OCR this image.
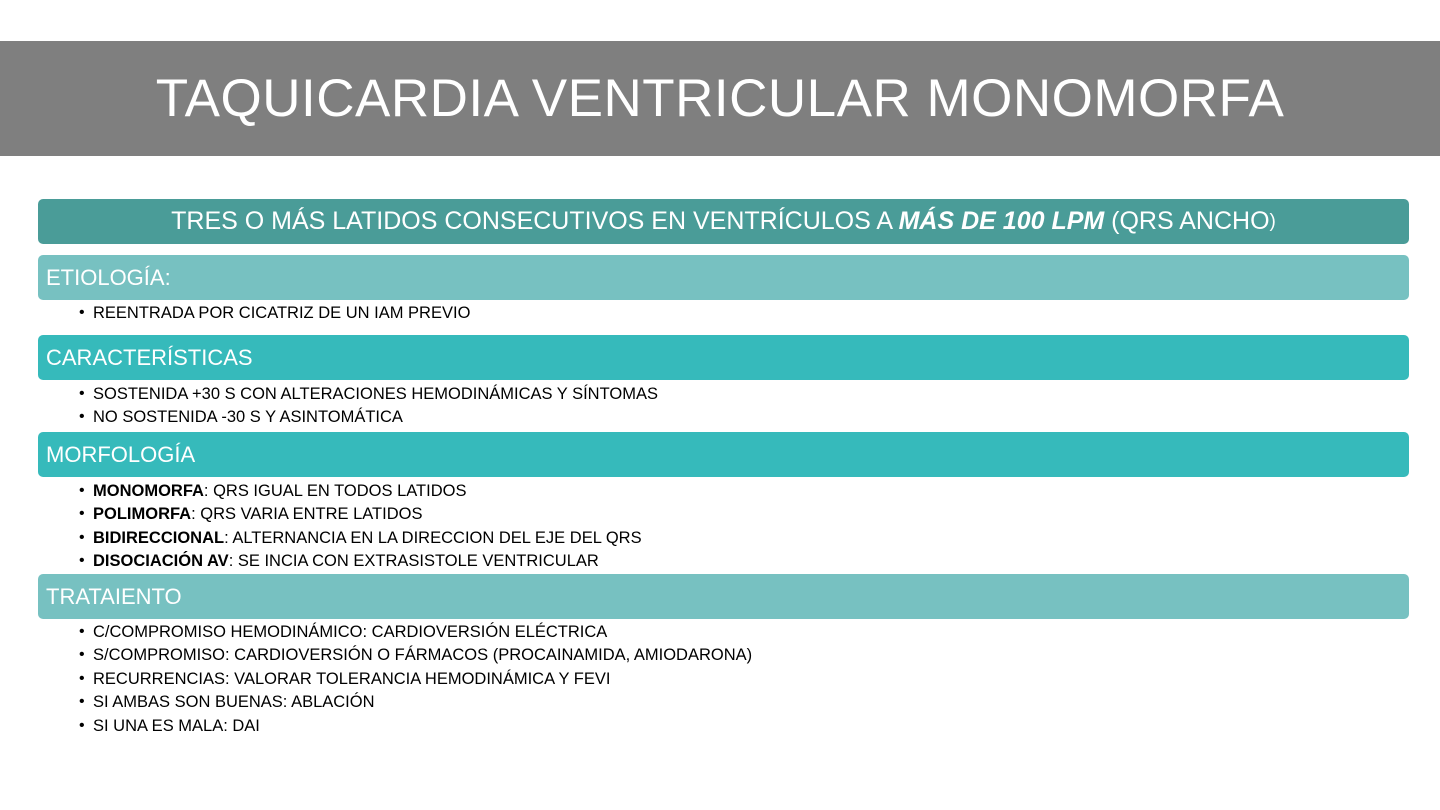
TAQUICARDIA VENTRICULAR MONOMORFA
TRES O MÁS LATIDOS CONSECUTIVOS EN VENTRÍCULOS A MÁS DE 100 LPM (QRS ANCHO )
ETIOLOGÍA:
• REENTRADA POR CICATRIZ DE UN IAM PREVIO
CARACTERÍSTICAS
• SOSTENIDA +30 S CON ALTERACIONES HEMODINÁMICAS Y SÍNTOMAS
• NO SOSTENIDA -30 S Y ASINTOMÁTICA
MORFOLOGÍA
• MONOMORFA: QRS IGUAL EN TODOS LATIDOS
• POLIMORFA: QRS VARIA ENTRE LATIDOS
• BIDIRECCIONAL: ALTERNANCIA EN LA DIRECCION DEL EJE DEL QRS
• DISOCIACIÓN AV: SE INCIA CON EXTRASISTOLE VENTRICULAR
TRATAIENTO
• C/COMPROMISO HEMODINÁMICO: CARDIOVERSIÓN ELÉCTRICA
• S/COMPROMISO: CARDIOVERSIÓN O FÁRMACOS (PROCAINAMIDA, AMIODARONA)
• RECURRENCIAS: VALORAR TOLERANCIA HEMODINÁMICA Y FEVI
• SI AMBAS SON BUENAS: ABLACIÓN
• SI UNA ES MALA: DAI
